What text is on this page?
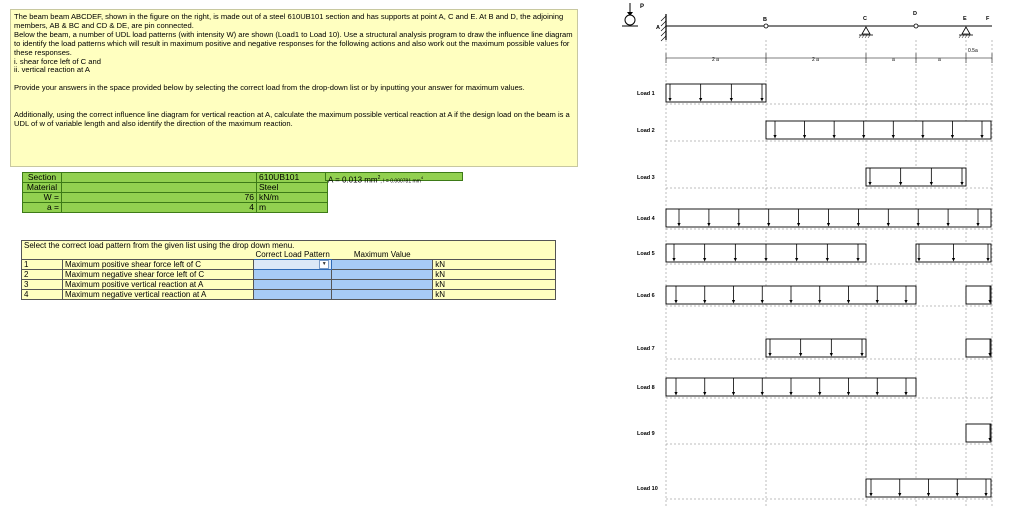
The beam beam ABCDEF, shown in the figure on the right, is made out of a steel 610UB101 section and has supports at point A, C and E. At B and D, the adjoining members, AB & BC and CD & DE, are pin connected.

Below the beam, a number of UDL load patterns (with intensity W) are shown (Load1 to Load 10). Use a structural analysis program to draw the influence line diagram to identify the load patterns which will result in maximum positive and negative responses for the following actions and also work out the maximum possible values for these responses.

i. shear force left of C and

ii. vertical reaction at A

Provide your answers in the space provided below by selecting the correct load from the drop-down list or by inputting your answer for maximum values.

Additionally, using the correct influence line diagram for vertical reaction at A, calculate the maximum possible vertical reaction at A if the design load on the beam is a UDL of w of variable length and also identify the direction of the maximum reaction.

Section		610UB101
Material		Steel
W =	76	kN/m
a =	4	m
A = 0.013 $mm^2$, I = 0.000781 $mm^4$
Select the correct load pattern from the given list using the drop down menu.				
		Correct Load Pattern	Maximum Value	
1	Maximum positive shear force left of C	▼		kN
2	Maximum negative shear force left of C			kN
3	Maximum positive vertical reaction at A			kN
4	Maximum negative vertical reaction at A			kN
P
A
B	C
D
E	F
2 a	2 a	a	a
0.5a
Load 1
Load 2
Load 3
Load 4
Load 5
Load 6
Load 7
Load 8
Load 9
Load 10
